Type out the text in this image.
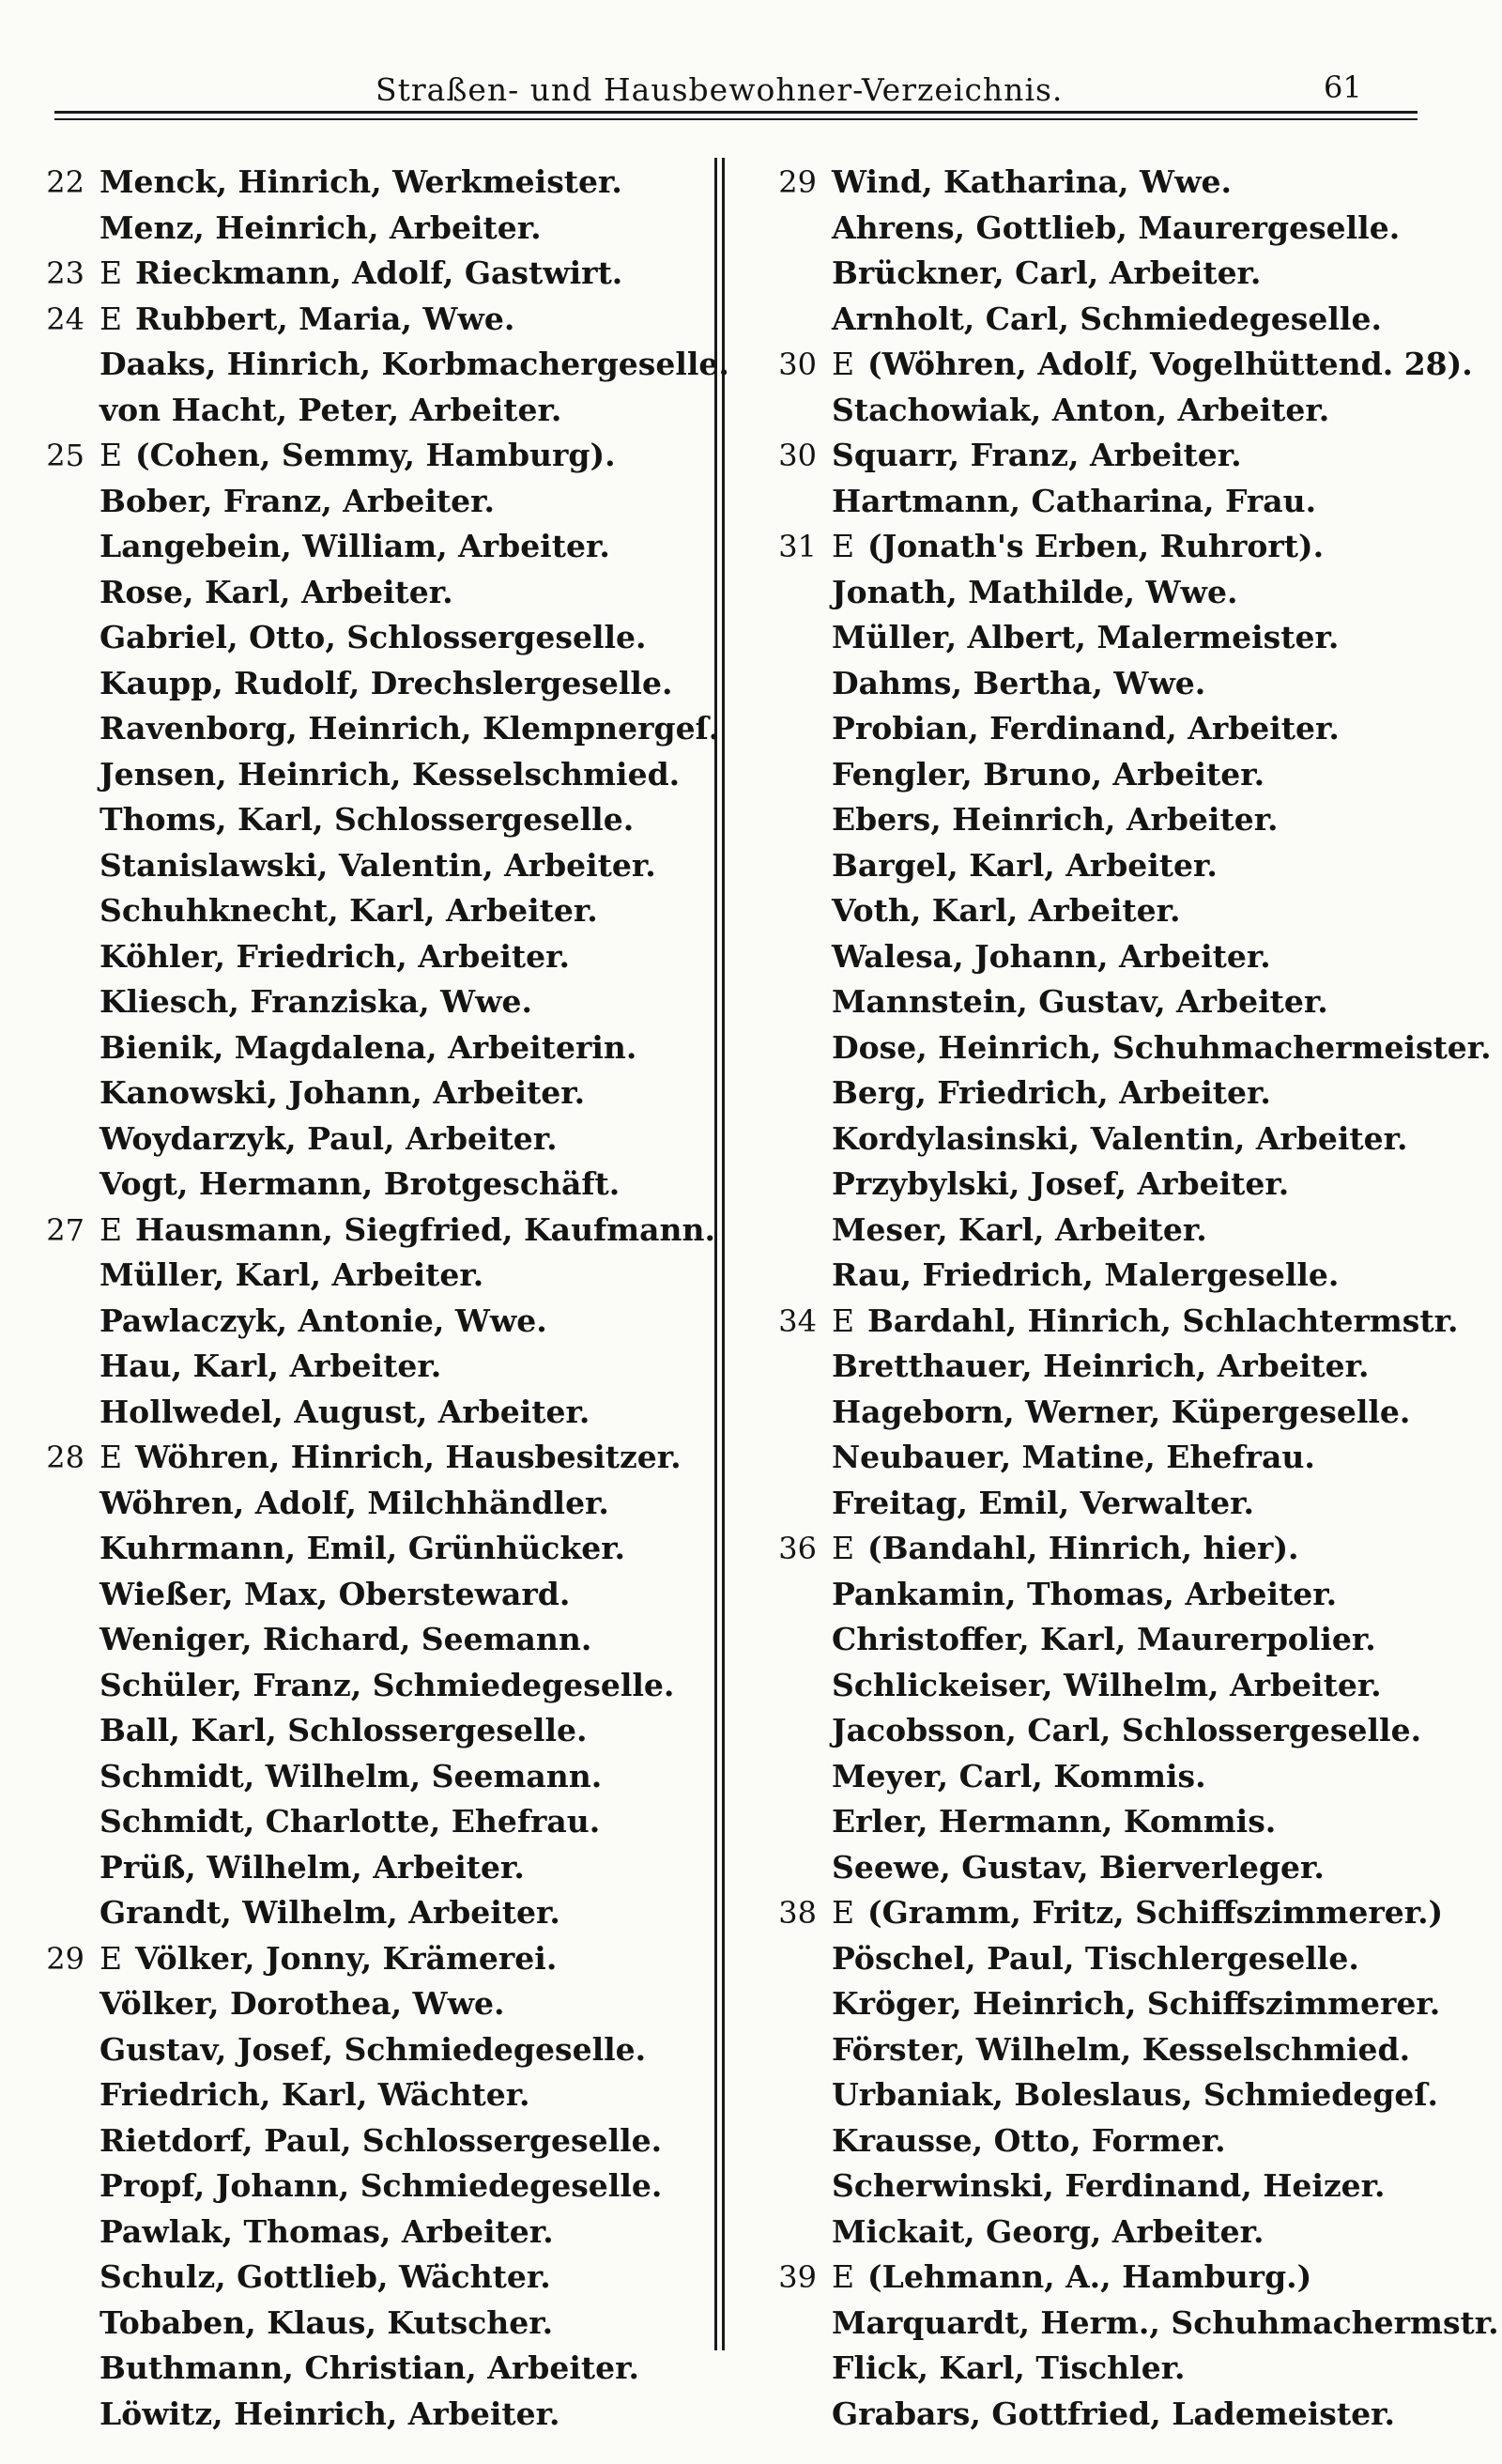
Straßen- und Hausbewohner-Verzeichnis.	61
22 Menck, Hinrich, Werkmeister.
Menz, Heinrich, Arbeiter.
23 E Rieckmann, Adolf, Gastwirt.
24 E Rubbert, Maria, Wwe.
Daaks, Hinrich, Korbmachergeselle.
von Hacht, Peter, Arbeiter.
25 E (Cohen, Semmy, Hamburg).
Bober, Franz, Arbeiter.
Langebein, William, Arbeiter.
Rose, Karl, Arbeiter.
Gabriel, Otto, Schlossergeselle.
Kaupp, Rudolf, Drechslergeselle.
Ravenborg, Heinrich, Klempnergeſ.
Jensen, Heinrich, Kesselschmied.
Thoms, Karl, Schlossergeselle.
Stanislawski, Valentin, Arbeiter.
Schuhknecht, Karl, Arbeiter.
Köhler, Friedrich, Arbeiter.
Kliesch, Franziska, Wwe.
Bienik, Magdalena, Arbeiterin.
Kanowski, Johann, Arbeiter.
Woydarzyk, Paul, Arbeiter.
Vogt, Hermann, Brotgeschäft.
27 E Hausmann, Siegfried, Kaufmann.
Müller, Karl, Arbeiter.
Pawlaczyk, Antonie, Wwe.
Hau, Karl, Arbeiter.
Hollwedel, August, Arbeiter.
28 E Wöhren, Hinrich, Hausbesitzer.
Wöhren, Adolf, Milchhändler.
Kuhrmann, Emil, Grünhücker.
Wießer, Max, Obersteward.
Weniger, Richard, Seemann.
Schüler, Franz, Schmiedegeselle.
Ball, Karl, Schlossergeselle.
Schmidt, Wilhelm, Seemann.
Schmidt, Charlotte, Ehefrau.
Prüß, Wilhelm, Arbeiter.
Grandt, Wilhelm, Arbeiter.
29 E Völker, Jonny, Krämerei.
Völker, Dorothea, Wwe.
Gustav, Josef, Schmiedegeselle.
Friedrich, Karl, Wächter.
Rietdorf, Paul, Schlossergeselle.
Propf, Johann, Schmiedegeselle.
Pawlak, Thomas, Arbeiter.
Schulz, Gottlieb, Wächter.
Tobaben, Klaus, Kutscher.
Buthmann, Christian, Arbeiter.
Löwitz, Heinrich, Arbeiter.
29 Wind, Katharina, Wwe.
Ahrens, Gottlieb, Maurergeselle.
Brückner, Carl, Arbeiter.
Arnholt, Carl, Schmiedegeselle.
30 E (Wöhren, Adolf, Vogelhüttend. 28).
Stachowiak, Anton, Arbeiter.
30 Squarr, Franz, Arbeiter.
Hartmann, Catharina, Frau.
31 E (Jonath's Erben, Ruhrort).
Jonath, Mathilde, Wwe.
Müller, Albert, Malermeister.
Dahms, Bertha, Wwe.
Probian, Ferdinand, Arbeiter.
Fengler, Bruno, Arbeiter.
Ebers, Heinrich, Arbeiter.
Bargel, Karl, Arbeiter.
Voth, Karl, Arbeiter.
Walesa, Johann, Arbeiter.
Mannstein, Gustav, Arbeiter.
Dose, Heinrich, Schuhmachermeister.
Berg, Friedrich, Arbeiter.
Kordylasinski, Valentin, Arbeiter.
Przybylski, Josef, Arbeiter.
Meser, Karl, Arbeiter.
Rau, Friedrich, Malergeselle.
34 E Bardahl, Hinrich, Schlachtermstr.
Bretthauer, Heinrich, Arbeiter.
Hageborn, Werner, Küpergeselle.
Neubauer, Matine, Ehefrau.
Freitag, Emil, Verwalter.
36 E (Bandahl, Hinrich, hier).
Pankamin, Thomas, Arbeiter.
Christoffer, Karl, Maurerpolier.
Schlickeiser, Wilhelm, Arbeiter.
Jacobsson, Carl, Schlossergeselle.
Meyer, Carl, Kommis.
Erler, Hermann, Kommis.
Seewe, Gustav, Bierverleger.
38 E (Gramm, Fritz, Schiffszimmerer.)
Pöschel, Paul, Tischlergeselle.
Kröger, Heinrich, Schiffszimmerer.
Förster, Wilhelm, Kesselschmied.
Urbaniak, Boleslaus, Schmiedegeſ.
Krausse, Otto, Former.
Scherwinski, Ferdinand, Heizer.
Mickait, Georg, Arbeiter.
39 E (Lehmann, A., Hamburg.)
Marquardt, Herm., Schuhmachermstr.
Flick, Karl, Tischler.
Grabars, Gottfried, Lademeister.
